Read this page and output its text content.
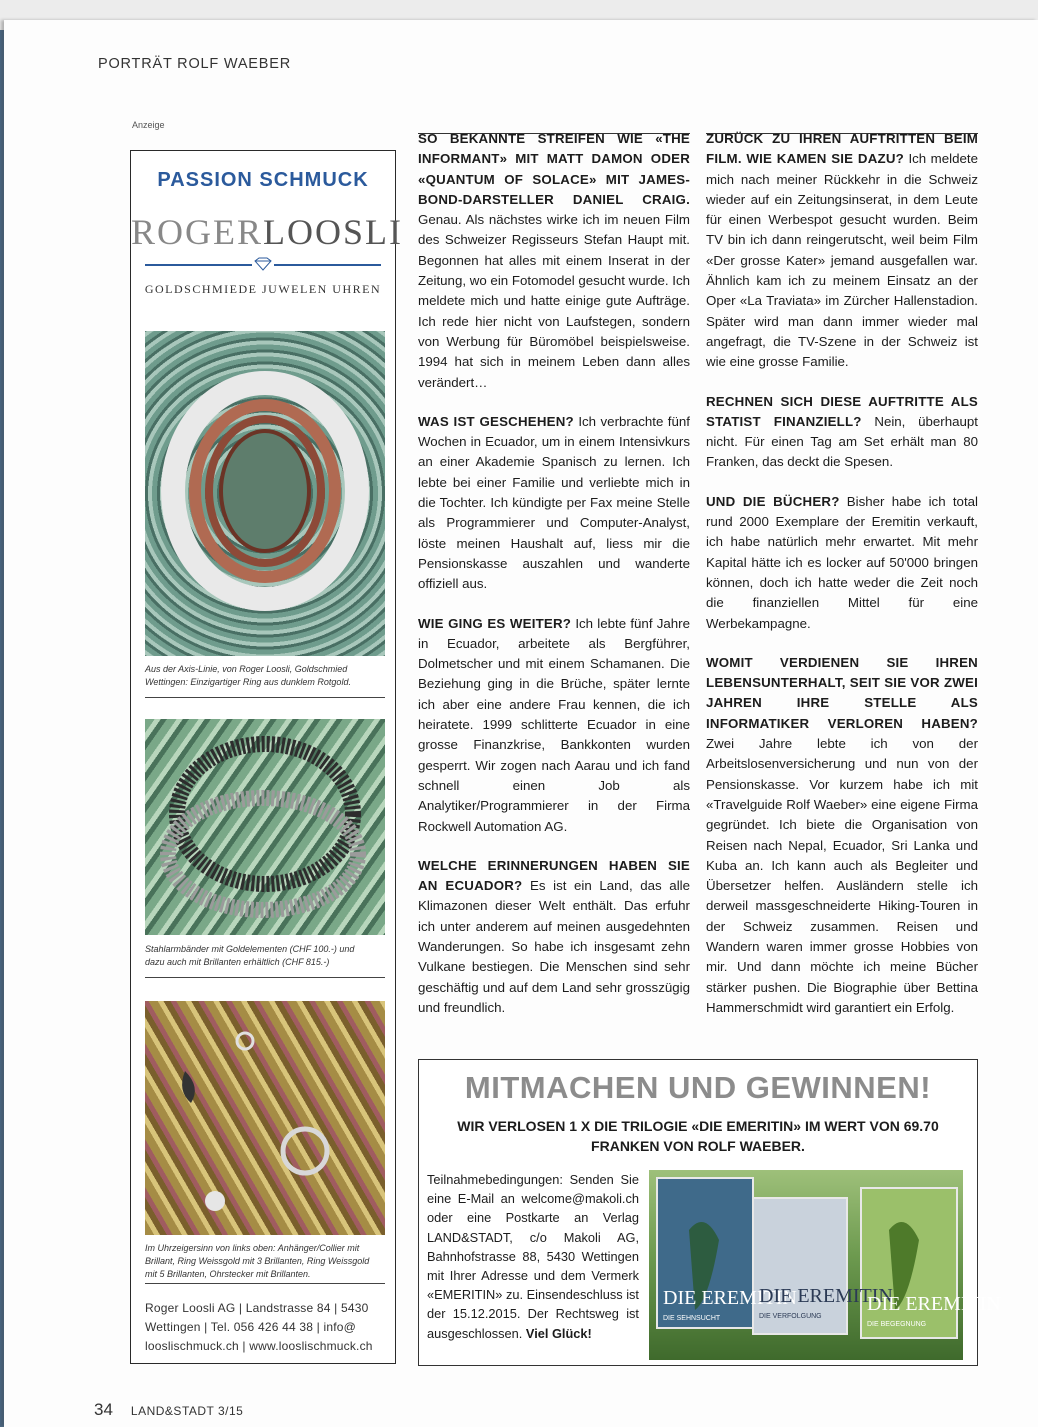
PORTRÄT ROLF WAEBER
Anzeige
PASSION SCHMUCK
ROGERLOOSLI
GOLDSCHMIEDE JUWELEN UHREN
Aus der Axis-Linie, von Roger Loosli, Goldschmied
Wettingen: Einzigartiger Ring aus dunklem Rotgold.
Stahlarmbänder mit Goldelementen (CHF 100.-) und
dazu auch mit Brillanten erhältlich (CHF 815.-)
Im Uhrzeigersinn von links oben: Anhänger/Collier mit
Brillant, Ring Weissgold mit 3 Brillanten, Ring Weissgold
mit 5 Brillanten, Ohrstecker mit Brillanten.
Roger Loosli AG | Landstrasse 84 | 5430
Wettingen | Tel. 056 426 44 38 | info@
looslischmuck.ch | www.looslischmuck.ch

SO BEKANNTE STREIFEN WIE «THE INFORMANT» MIT MATT DAMON ODER «QUANTUM OF SOLACE» MIT JAMES-BOND-DARSTELLER DANIEL CRAIG. Genau. Als nächstes wirke ich im neuen Film des Schweizer Regisseurs Stefan Haupt mit. Begonnen hat alles mit einem Inserat in der Zeitung, wo ein Fotomodel gesucht wurde. Ich meldete mich und hatte einige gute Aufträge. Ich rede hier nicht von Laufstegen, sondern von Werbung für Büromöbel beispielsweise. 1994 hat sich in meinem Leben dann alles verändert…

WAS IST GESCHEHEN? Ich verbrachte fünf Wochen in Ecuador, um in einem Intensivkurs an einer Akademie Spanisch zu lernen. Ich lebte bei einer Familie und verliebte mich in die Tochter. Ich kündigte per Fax meine Stelle als Programmierer und Computer-Analyst, löste meinen Haushalt auf, liess mir die Pensionskasse auszahlen und wanderte offiziell aus.

WIE GING ES WEITER? Ich lebte fünf Jahre in Ecuador, arbeitete als Bergführer, Dolmetscher und mit einem Schamanen. Die Beziehung ging in die Brüche, später lernte ich aber eine andere Frau kennen, die ich heiratete. 1999 schlitterte Ecuador in eine grosse Finanzkrise, Bankkonten wurden gesperrt. Wir zogen nach Aarau und ich fand schnell einen Job als Analytiker/Programmierer in der Firma Rockwell Automation AG.

WELCHE ERINNERUNGEN HABEN SIE AN ECUADOR? Es ist ein Land, das alle Klimazonen dieser Welt enthält. Das erfuhr ich unter anderem auf meinen ausgedehnten Wanderungen. So habe ich insgesamt zehn Vulkane bestiegen. Die Menschen sind sehr geschäftig und auf dem Land sehr grosszügig und freundlich.

ZURÜCK ZU IHREN AUFTRITTEN BEIM FILM. WIE KAMEN SIE DAZU? Ich meldete mich nach meiner Rückkehr in die Schweiz wieder auf ein Zeitungsinserat, in dem Leute für einen Werbespot gesucht wurden. Beim TV bin ich dann reingerutscht, weil beim Film «Der grosse Kater» jemand ausgefallen war. Ähnlich kam ich zu meinem Einsatz an der Oper «La Traviata» im Zürcher Hallenstadion. Später wird man dann immer wieder mal angefragt, die TV-Szene in der Schweiz ist wie eine grosse Familie.

RECHNEN SICH DIESE AUFTRITTE ALS STATIST FINANZIELL? Nein, überhaupt nicht. Für einen Tag am Set erhält man 80 Franken, das deckt die Spesen.

UND DIE BÜCHER? Bisher habe ich total rund 2000 Exemplare der Eremitin verkauft, ich habe natürlich mehr erwartet. Mit mehr Kapital hätte ich es locker auf 50'000 bringen können, doch ich hatte weder die Zeit noch die finanziellen Mittel für eine Werbekampagne.

WOMIT VERDIENEN SIE IHREN LEBENSUNTERHALT, SEIT SIE VOR ZWEI JAHREN IHRE STELLE ALS INFORMATIKER VERLOREN HABEN? Zwei Jahre lebte ich von der Arbeitslosenversicherung und nun von der Pensionskasse. Vor kurzem habe ich mit «Travelguide Rolf Waeber» eine eigene Firma gegründet. Ich biete die Organisation von Reisen nach Nepal, Ecuador, Sri Lanka und Kuba an. Ich kann auch als Begleiter und Übersetzer helfen. Ausländern stelle ich derweil massgeschneiderte Hiking-Touren in der Schweiz zusammen. Reisen und Wandern waren immer grosse Hobbies von mir. Und dann möchte ich meine Bücher stärker pushen. Die Biographie über Bettina Hammerschmidt wird garantiert ein Erfolg.

MITMACHEN UND GEWINNEN!
WIR VERLOSEN 1 X DIE TRILOGIE «DIE EMERITIN» IM WERT VON 69.70 FRANKEN VON ROLF WAEBER.
Teilnahmebedingungen: Senden Sie eine E-Mail an welcome@makoli.ch oder eine Postkarte an Verlag LAND&STADT, c/o Makoli AG, Bahnhofstrasse 88, 5430 Wettingen mit Ihrer Adresse und dem Vermerk «EMERITIN» zu. Einsendeschluss ist der 15.12.2015. Der Rechtsweg ist ausgeschlossen. Viel Glück!
DIE EREMITIN
DIE SEHNSUCHT
DIE EREMITIN
DIE VERFOLGUNG
DIE EREMITIN
DIE BEGEGNUNG
34 LAND&STADT 3/15
